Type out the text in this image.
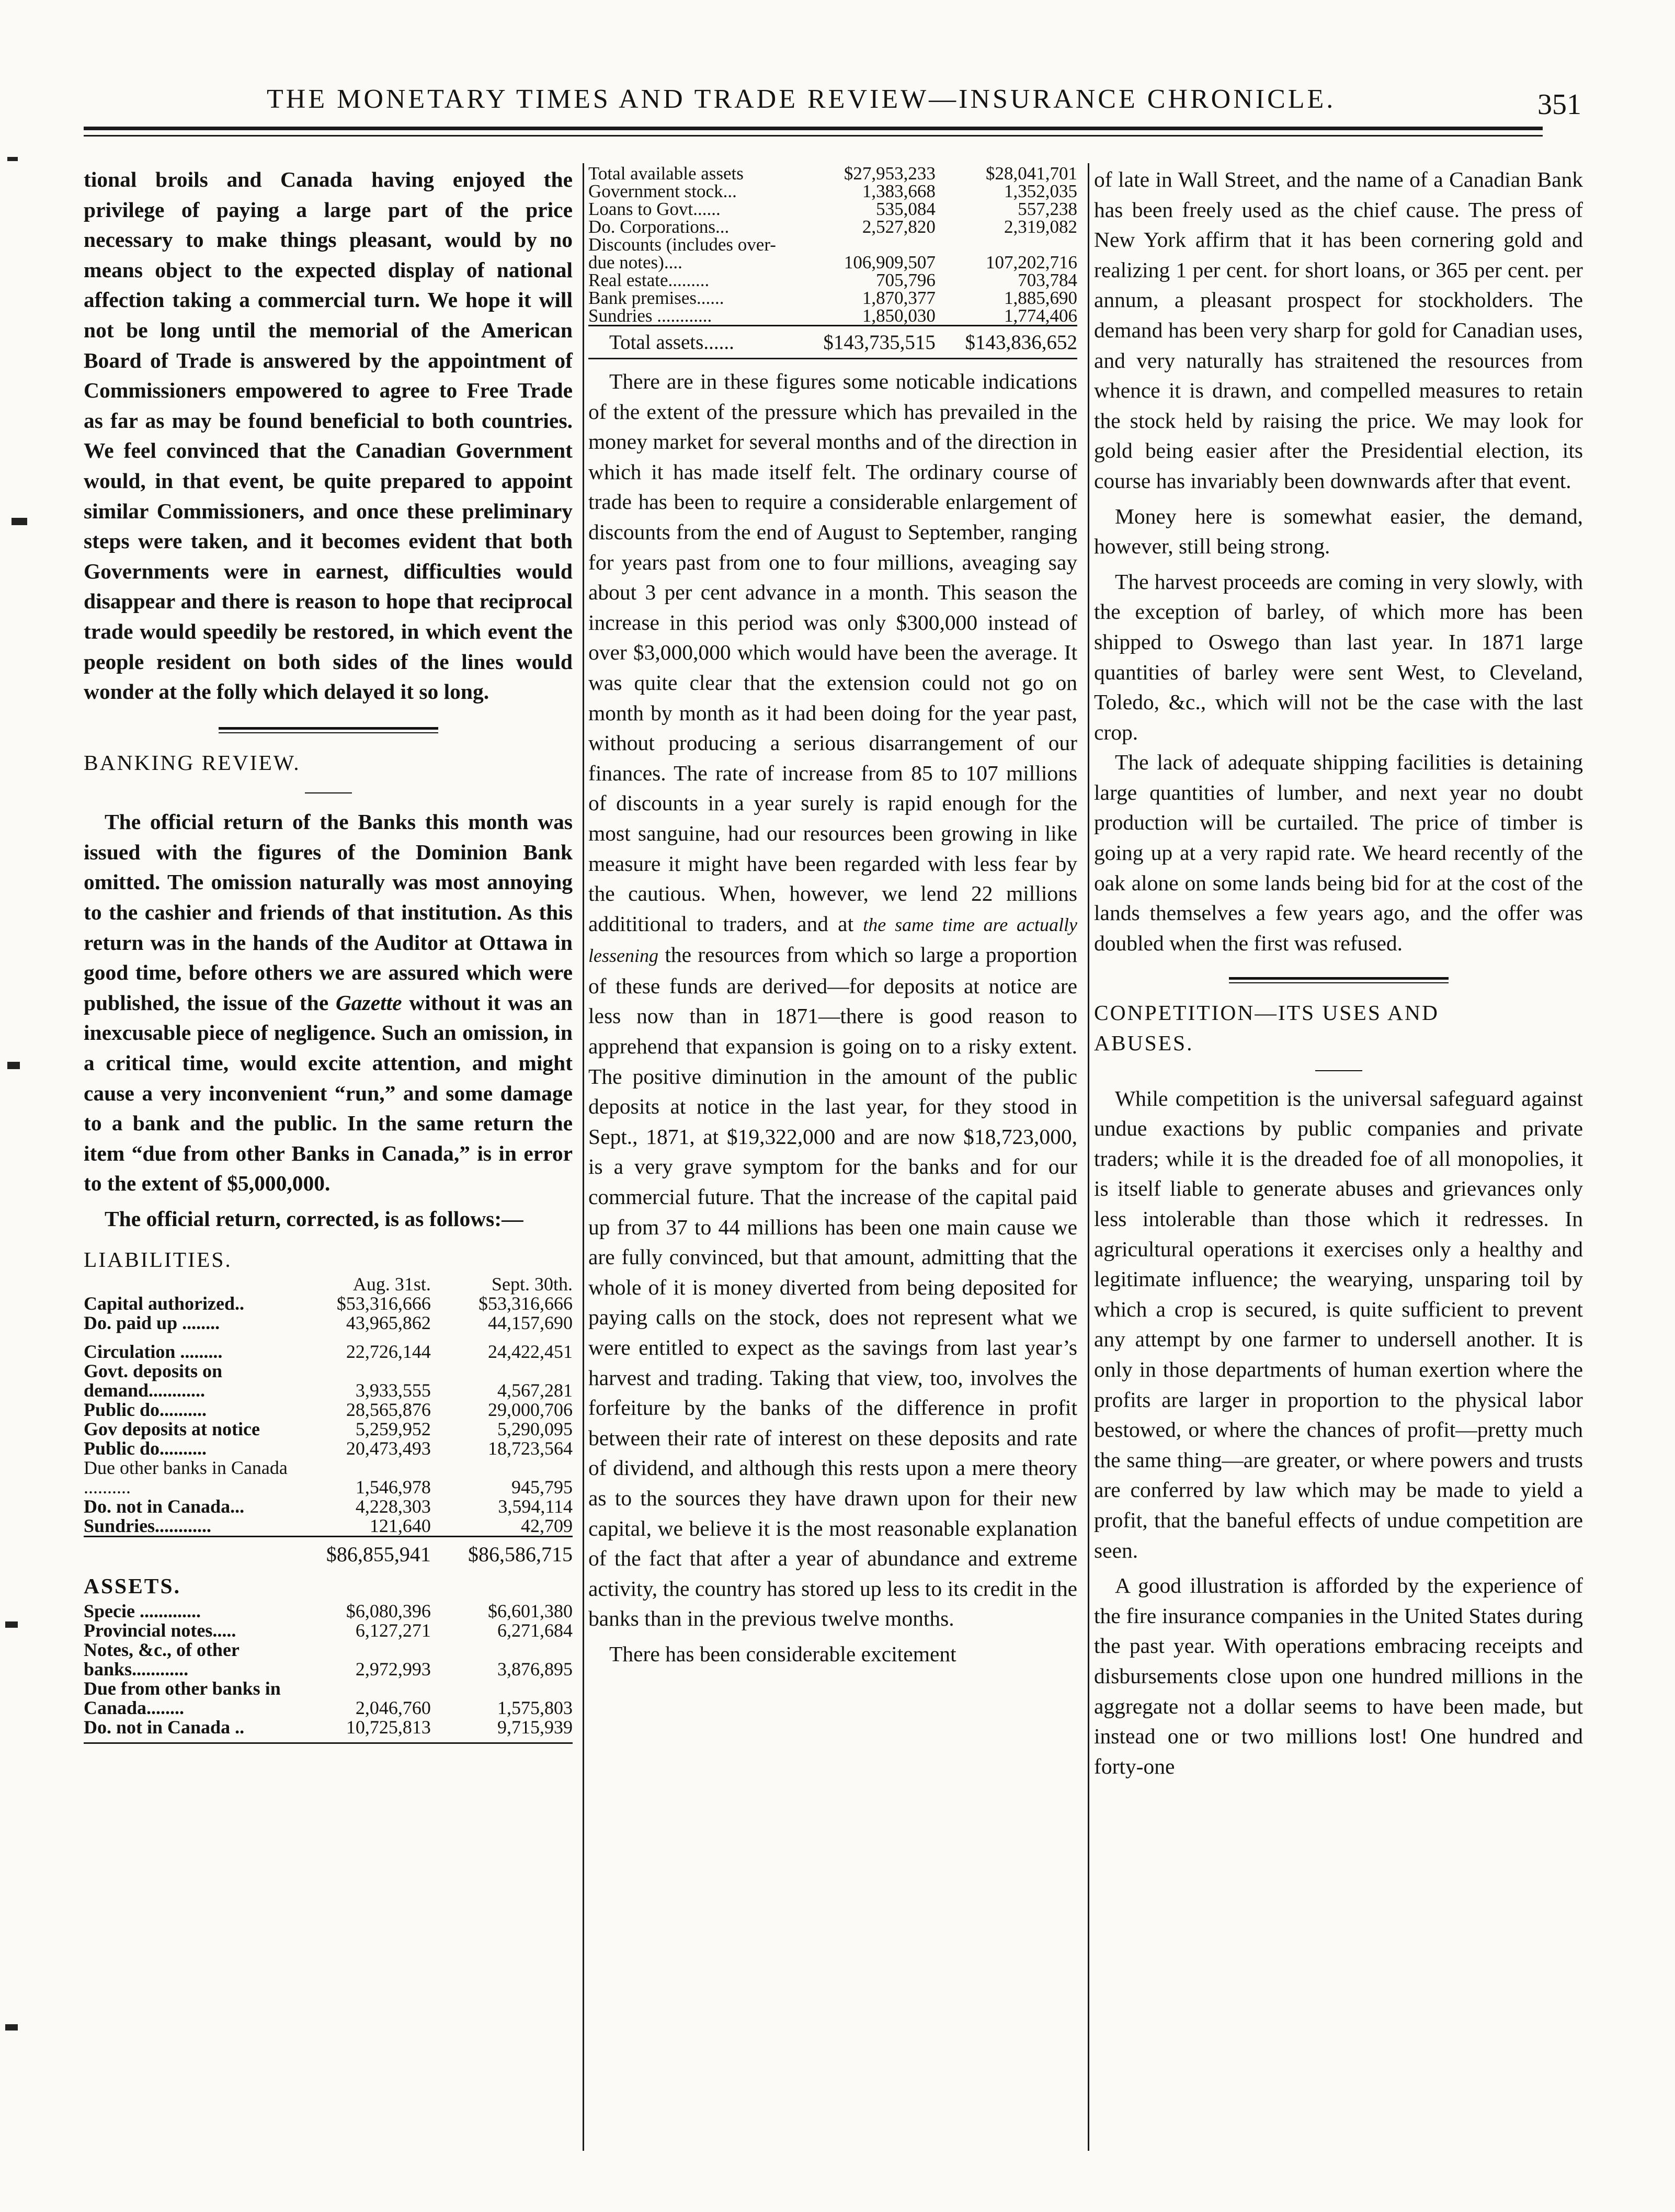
THE MONETARY TIMES AND TRADE REVIEW—INSURANCE CHRONICLE.	351

tional broils and Canada having enjoyed the privilege of paying a large part of the price necessary to make things pleasant, would by no means object to the expected display of national affection taking a commercial turn. We hope it will not be long until the memorial of the American Board of Trade is answered by the appointment of Commissioners empowered to agree to Free Trade as far as may be found beneficial to both countries. We feel convinced that the Canadian Government would, in that event, be quite prepared to appoint similar Commissioners, and once these preliminary steps were taken, and it becomes evident that both Governments were in earnest, difficulties would disappear and there is reason to hope that reciprocal trade would speedily be restored, in which event the people resident on both sides of the lines would wonder at the folly which delayed it so long.

BANKING REVIEW.

The official return of the Banks this month was issued with the figures of the Dominion Bank omitted. The omission naturally was most annoying to the cashier and friends of that institution. As this return was in the hands of the Auditor at Ottawa in good time, before others we are assured which were published, the issue of the Gazette without it was an inexcusable piece of negligence. Such an omission, in a critical time, would excite attention, and might cause a very inconvenient “run,” and some damage to a bank and the public. In the same return the item “due from other Banks in Canada,” is in error to the extent of $5,000,000.

The official return, corrected, is as follows:—

LIABILITIES.

	Aug. 31st.	Sept. 30th.
Capital authorized..	$53,316,666	$53,316,666
Do. paid up ........	43,965,862	44,157,690
Circulation .........	22,726,144	24,422,451
Govt. deposits on demand............	3,933,555	4,567,281
Public do..........	28,565,876	29,000,706
Gov deposits at notice	5,259,952	5,290,095
Public do..........	20,473,493	18,723,564
Due other banks in Canada ..........	1,546,978	945,795
Do. not in Canada...	4,228,303	3,594,114
Sundries............	121,640	42,709
	$86,855,941	$86,586,715

ASSETS.

Specie .............	$6,080,396	$6,601,380
Provincial notes.....	6,127,271	6,271,684
Notes, &c., of other banks............	2,972,993	3,876,895
Due from other banks in Canada........	2,046,760	1,575,803
Do. not in Canada ..	10,725,813	9,715,939
Total available assets	$27,953,233	$28,041,701
Government stock...	1,383,668	1,352,035
Loans to Govt......	535,084	557,238
Do. Corporations...	2,527,820	2,319,082
Discounts (includes over-due notes)....	106,909,507	107,202,716
Real estate.........	705,796	703,784
Bank premises......	1,870,377	1,885,690
Sundries ............	1,850,030	1,774,406
Total assets......	$143,735,515	$143,836,652

There are in these figures some noticable indications of the extent of the pressure which has prevailed in the money market for several months and of the direction in which it has made itself felt. The ordinary course of trade has been to require a considerable enlargement of discounts from the end of August to September, ranging for years past from one to four millions, aveaging say about 3 per cent advance in a month. This season the increase in this period was only $300,000 instead of over $3,000,000 which would have been the average. It was quite clear that the extension could not go on month by month as it had been doing for the year past, without producing a serious disarrangement of our finances. The rate of increase from 85 to 107 millions of discounts in a year surely is rapid enough for the most sanguine, had our resources been growing in like measure it might have been regarded with less fear by the cautious. When, however, we lend 22 millions addititional to traders, and at the same time are actually lessening the resources from which so large a proportion of these funds are derived—for deposits at notice are less now than in 1871—there is good reason to apprehend that expansion is going on to a risky extent. The positive diminution in the amount of the public deposits at notice in the last year, for they stood in Sept., 1871, at $19,322,000 and are now $18,723,000, is a very grave symptom for the banks and for our commercial future. That the increase of the capital paid up from 37 to 44 millions has been one main cause we are fully convinced, but that amount, admitting that the whole of it is money diverted from being deposited for paying calls on the stock, does not represent what we were entitled to expect as the savings from last year’s harvest and trading. Taking that view, too, involves the forfeiture by the banks of the difference in profit between their rate of interest on these deposits and rate of dividend, and although this rests upon a mere theory as to the sources they have drawn upon for their new capital, we believe it is the most reasonable explanation of the fact that after a year of abundance and extreme activity, the country has stored up less to its credit in the banks than in the previous twelve months.

There has been considerable excitement

of late in Wall Street, and the name of a Canadian Bank has been freely used as the chief cause. The press of New York affirm that it has been cornering gold and realizing 1 per cent. for short loans, or 365 per cent. per annum, a pleasant prospect for stockholders. The demand has been very sharp for gold for Canadian uses, and very naturally has straitened the resources from whence it is drawn, and compelled measures to retain the stock held by raising the price. We may look for gold being easier after the Presidential election, its course has invariably been downwards after that event.

Money here is somewhat easier, the demand, however, still being strong.

The harvest proceeds are coming in very slowly, with the exception of barley, of which more has been shipped to Oswego than last year. In 1871 large quantities of barley were sent West, to Cleveland, Toledo, &c., which will not be the case with the last crop.

The lack of adequate shipping facilities is detaining large quantities of lumber, and next year no doubt production will be curtailed. The price of timber is going up at a very rapid rate. We heard recently of the oak alone on some lands being bid for at the cost of the lands themselves a few years ago, and the offer was doubled when the first was refused.

CONPETITION—ITS USES AND

ABUSES.

While competition is the universal safeguard against undue exactions by public companies and private traders; while it is the dreaded foe of all monopolies, it is itself liable to generate abuses and grievances only less intolerable than those which it redresses. In agricultural operations it exercises only a healthy and legitimate influence; the wearying, unsparing toil by which a crop is secured, is quite sufficient to prevent any attempt by one farmer to undersell another. It is only in those departments of human exertion where the profits are larger in proportion to the physical labor bestowed, or where the chances of profit—pretty much the same thing—are greater, or where powers and trusts are conferred by law which may be made to yield a profit, that the baneful effects of undue competition are seen.

A good illustration is afforded by the experience of the fire insurance companies in the United States during the past year. With operations embracing receipts and disbursements close upon one hundred millions in the aggregate not a dollar seems to have been made, but instead one or two millions lost! One hundred and forty-one
